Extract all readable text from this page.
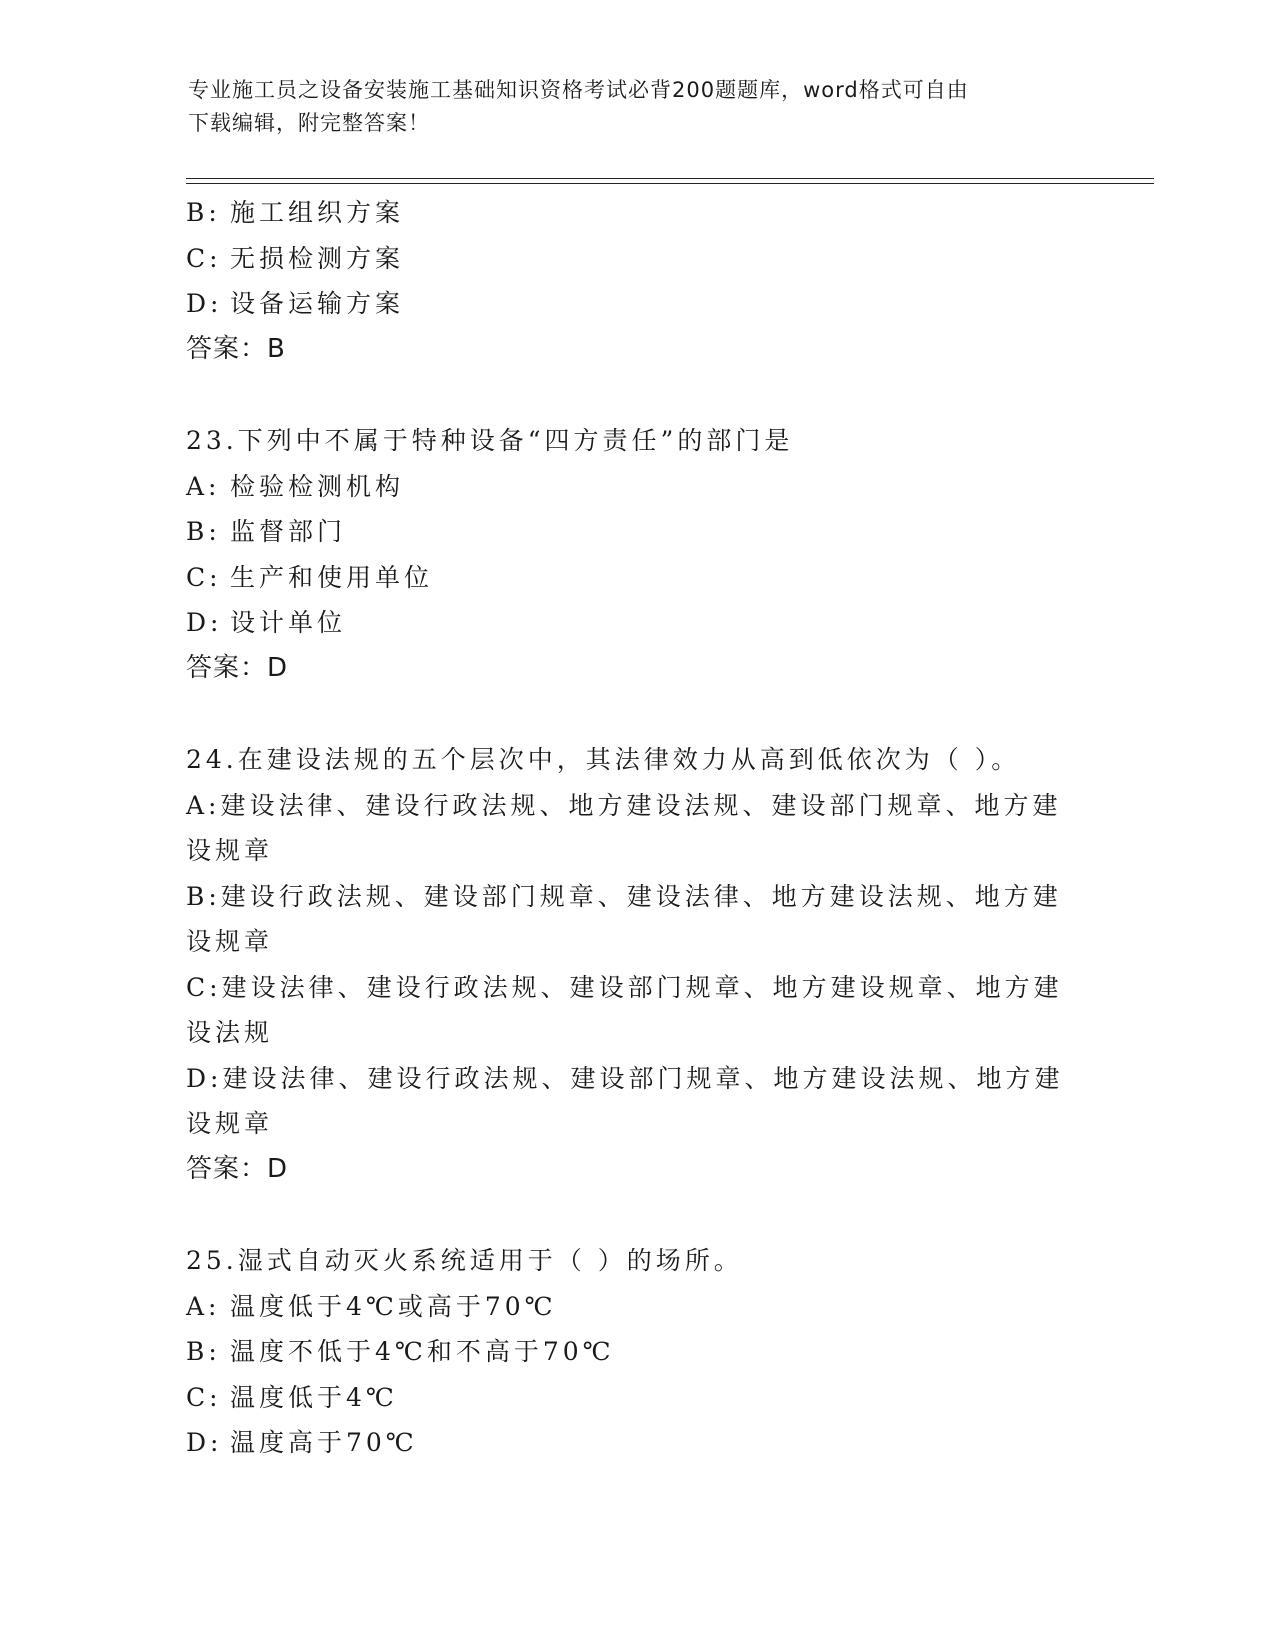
专业施工员之设备安装施工基础知识资格考试必背200题题库，word格式可自由
下载编辑，附完整答案！
B: 施工组织方案
C: 无损检测方案
D: 设备运输方案
答案：B
23.下列中不属于特种设备“四方责任”的部门是
A: 检验检测机构
B: 监督部门
C: 生产和使用单位
D: 设计单位
答案：D
24.在建设法规的五个层次中，其法律效力从高到低依次为（ ）。
A:建设法律、建设行政法规、地方建设法规、建设部门规章、地方建设规章
B:建设行政法规、建设部门规章、建设法律、地方建设法规、地方建设规章
C:建设法律、建设行政法规、建设部门规章、地方建设规章、地方建设法规
D:建设法律、建设行政法规、建设部门规章、地方建设法规、地方建设规章
答案：D
25.湿式自动灭火系统适用于（ ）的场所。
A: 温度低于4℃或高于70℃
B: 温度不低于4℃和不高于70℃
C: 温度低于4℃
D: 温度高于70℃
